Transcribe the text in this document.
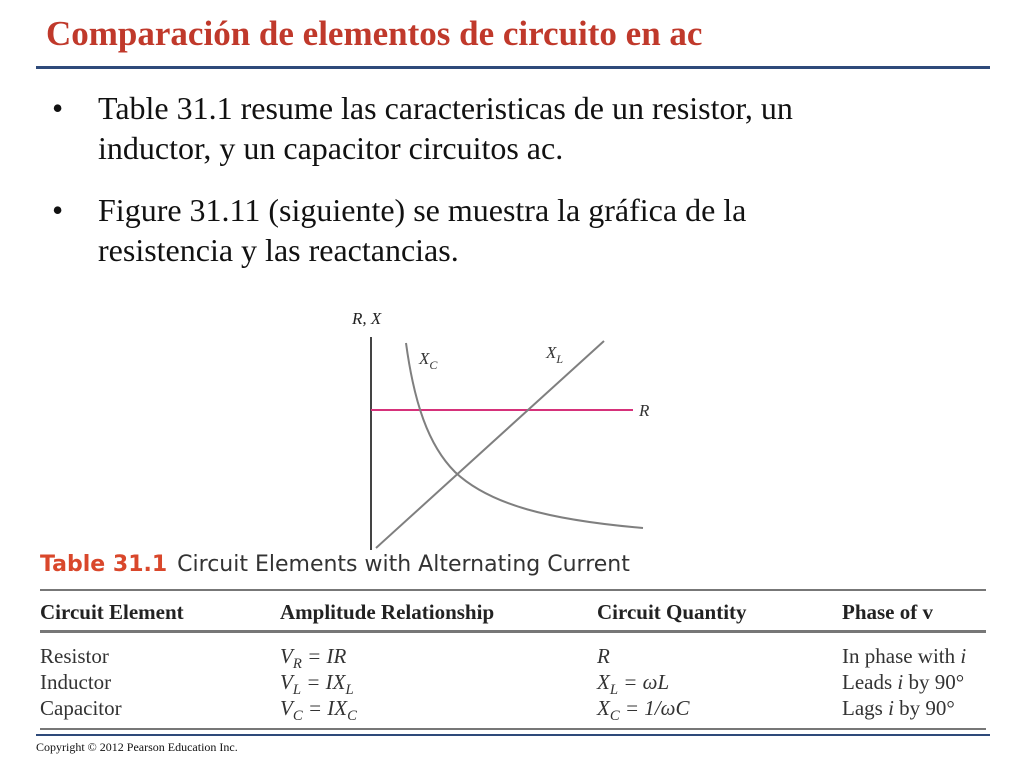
Comparación de elementos de circuito en ac
• Table 31.1 resume las caracteristicas de un resistor, un
inductor, y un capacitor circuitos ac.
• Figure 31.11 (siguiente) se muestra la gráfica de la
resistencia y las reactancias.
R, X
$X_C$
$X_L$
R
Table 31.1 Circuit Elements with Alternating Current
Circuit Element	Amplitude Relationship	Circuit Quantity	Phase of v
Resistor	$V_R$ = IR	R	In phase with i
Inductor	$V_L = IX_L$	$X_L = \omega L$	Leads i by 90°
Capacitor	$V_C = IX_C$	$X_C = 1/\omega C$	Lags i by 90°
Copyright © 2012 Pearson Education Inc.
